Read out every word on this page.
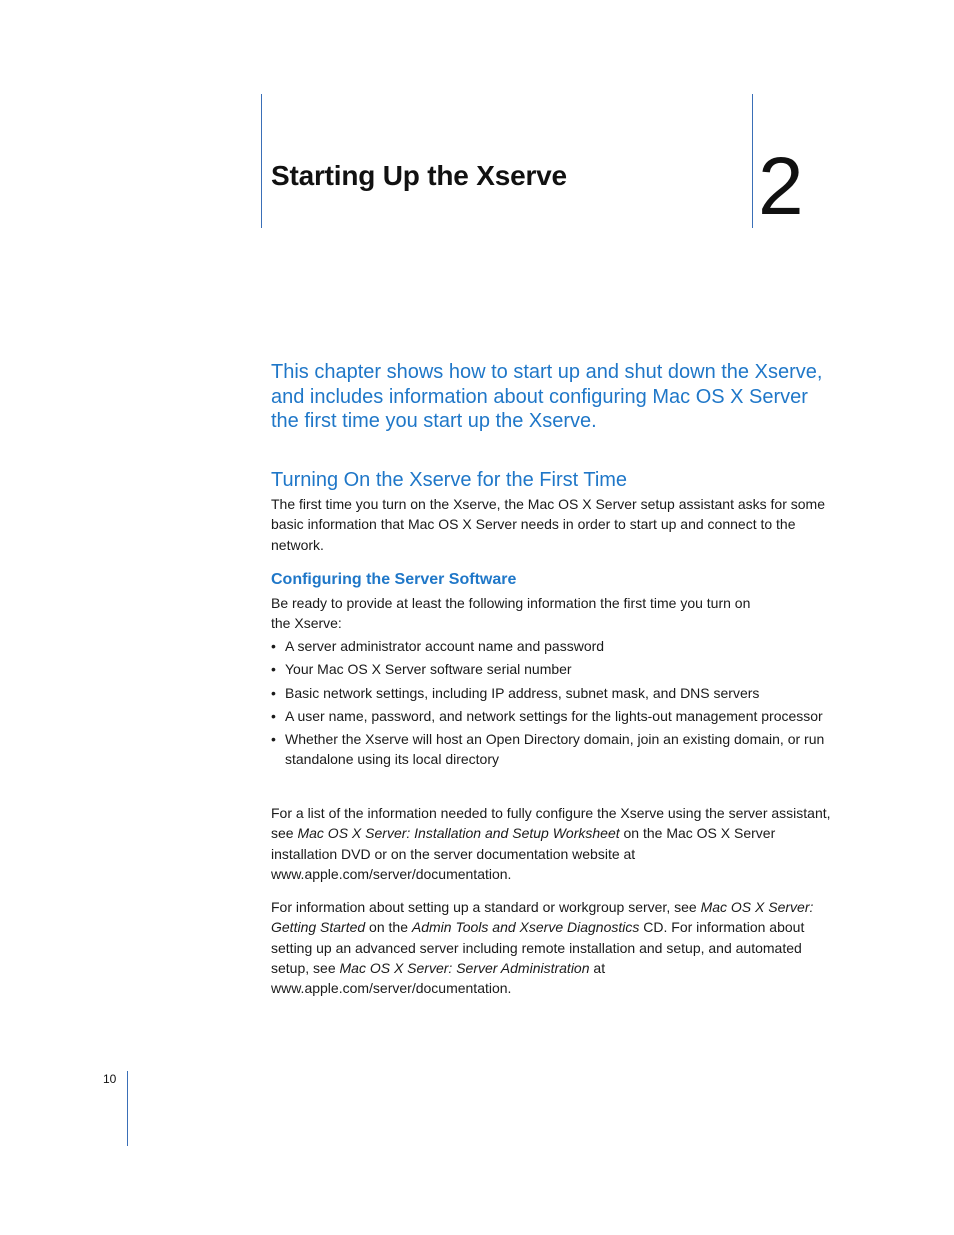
Starting Up the Xserve 2

This chapter shows how to start up and shut down the Xserve, and includes information about configuring Mac OS X Server the first time you start up the Xserve.

Turning On the Xserve for the First Time

The first time you turn on the Xserve, the Mac OS X Server setup assistant asks for some basic information that Mac OS X Server needs in order to start up and connect to the network.

Configuring the Server Software

Be ready to provide at least the following information the first time you turn on
the Xserve:

• A server administrator account name and password
• Your Mac OS X Server software serial number
• Basic network settings, including IP address, subnet mask, and DNS servers
• A user name, password, and network settings for the lights-out management processor
• Whether the Xserve will host an Open Directory domain, join an existing domain, or run standalone using its local directory

For a list of the information needed to fully configure the Xserve using the server assistant, see Mac OS X Server: Installation and Setup Worksheet on the Mac OS X Server installation DVD or on the server documentation website at www.apple.com/server/documentation.

For information about setting up a standard or workgroup server, see Mac OS X Server: Getting Started on the Admin Tools and Xserve Diagnostics CD. For information about setting up an advanced server including remote installation and setup, and automated setup, see Mac OS X Server: Server Administration at www.apple.com/server/documentation.

10
